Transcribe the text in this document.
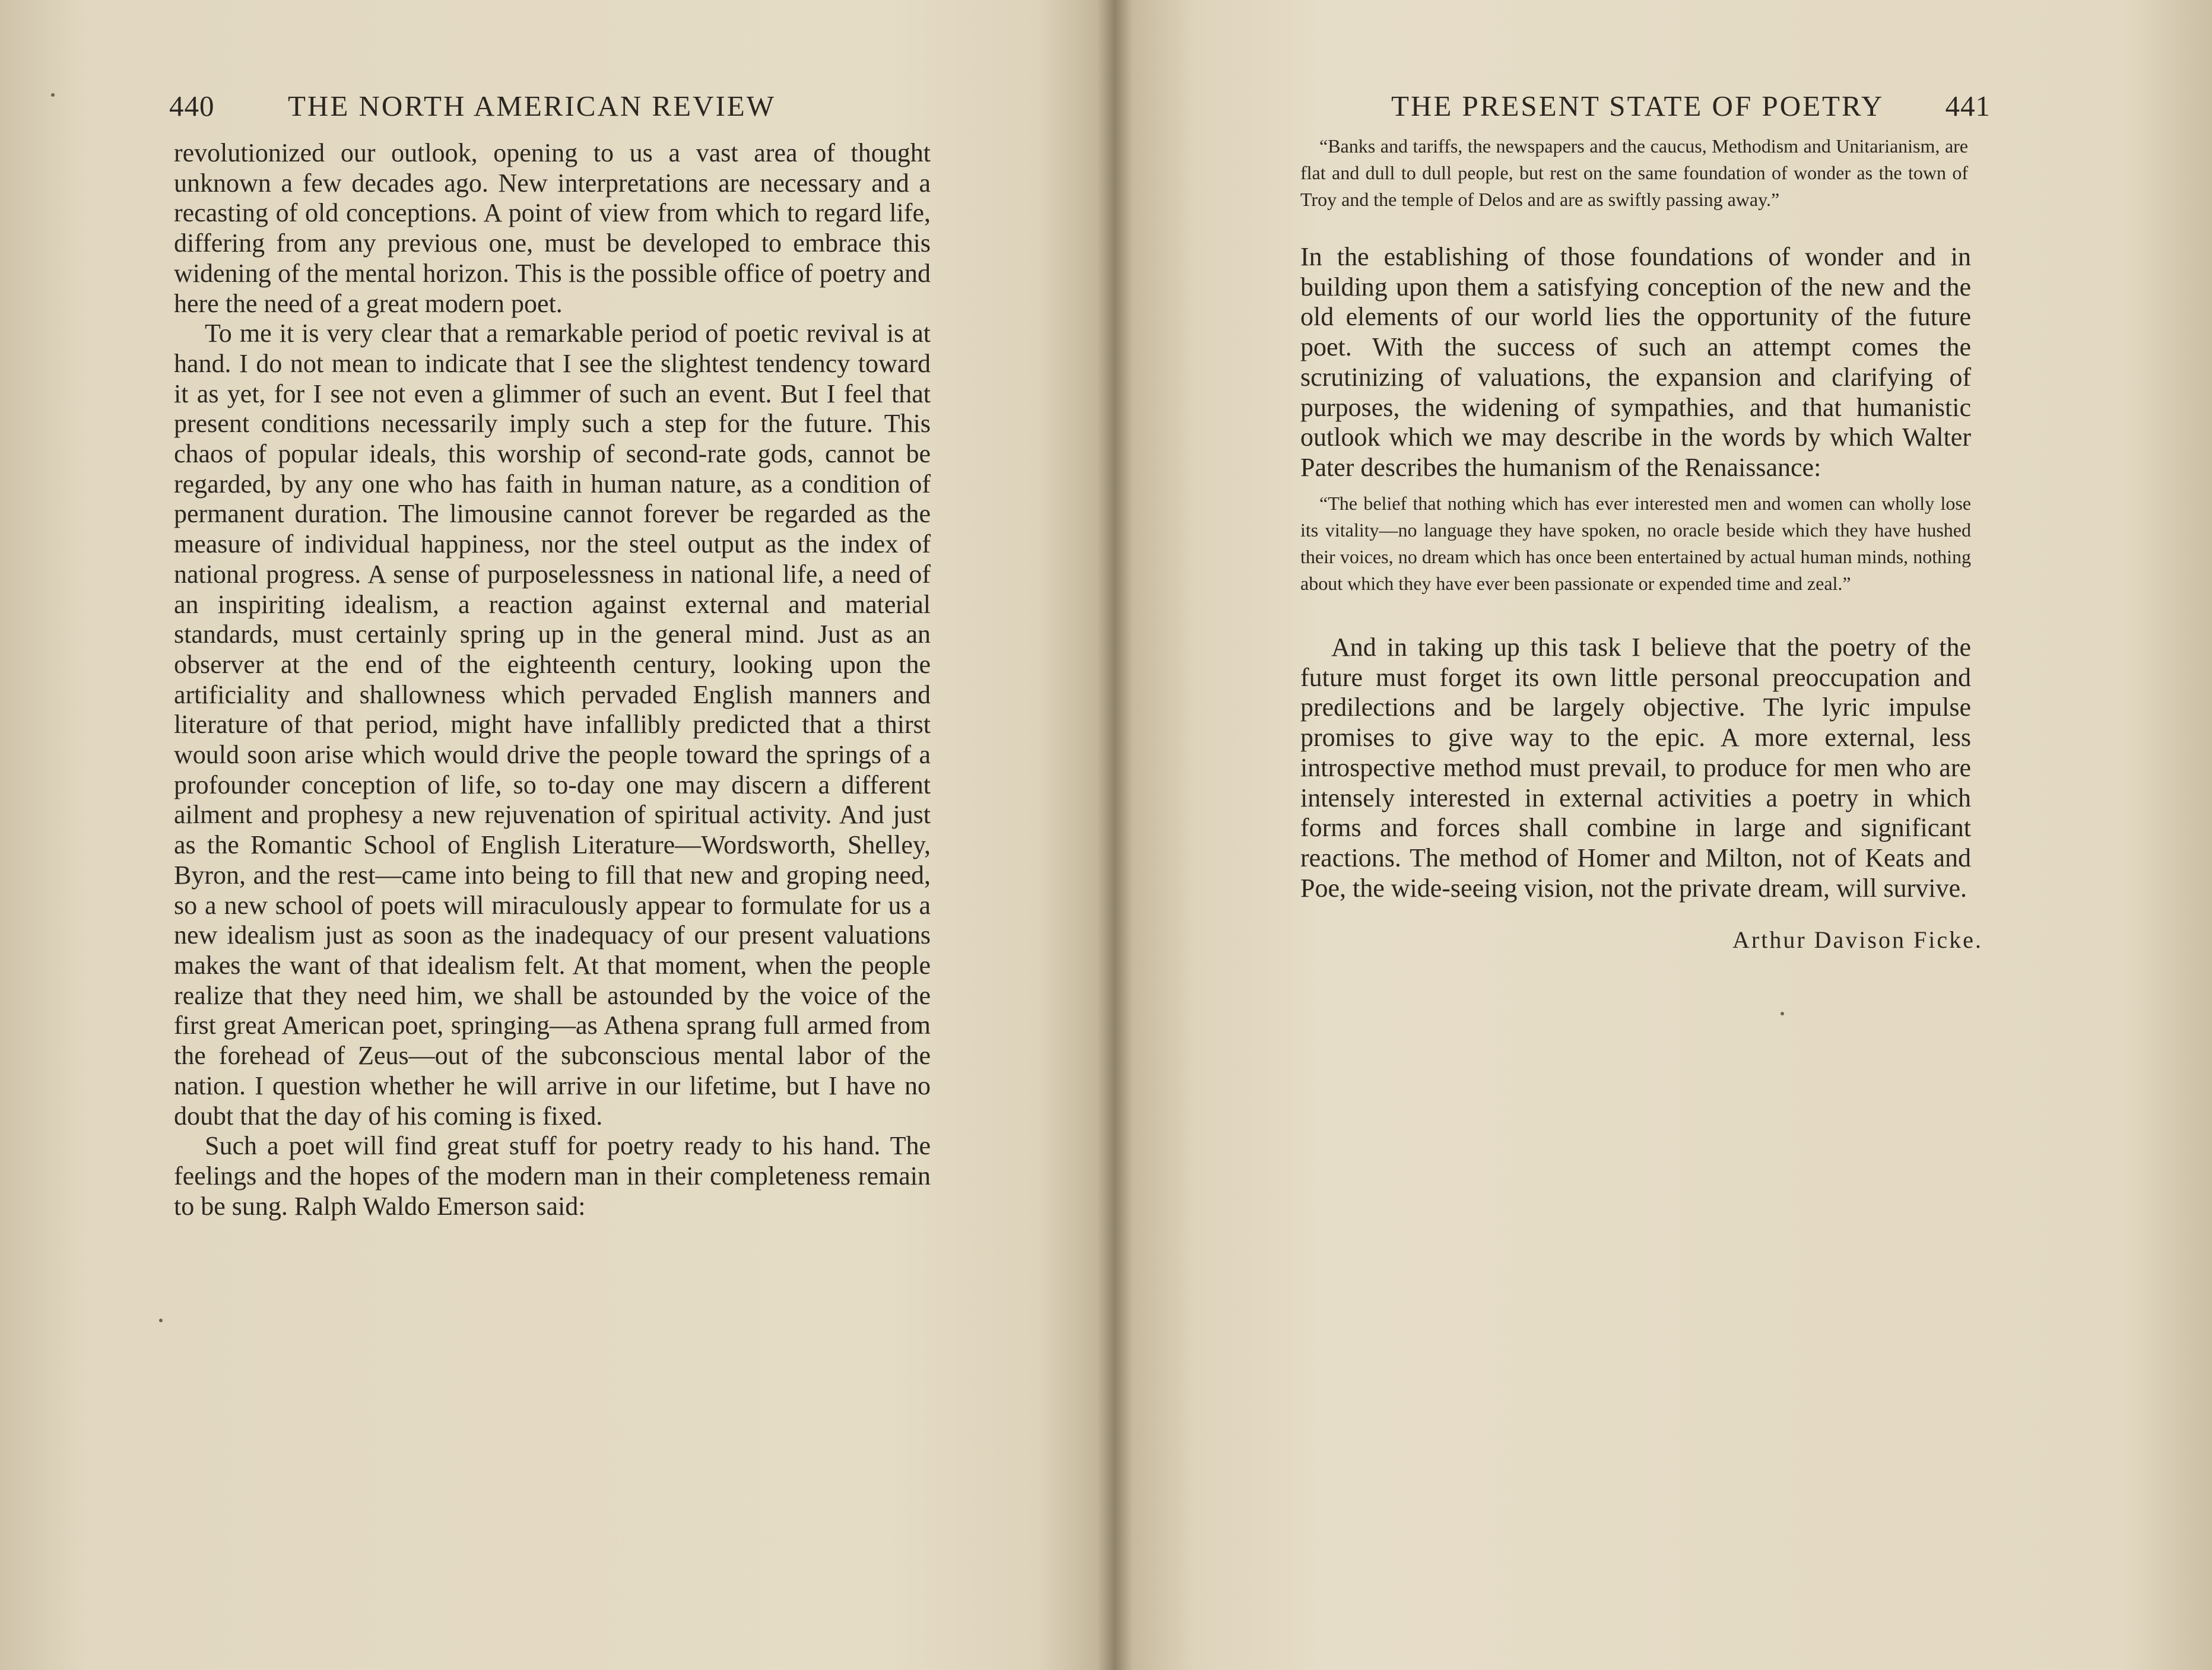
440	THE NORTH AMERICAN REVIEW

revolutionized our outlook, opening to us a vast area of thought unknown a few decades ago. New interpretations are necessary and a recasting of old conceptions. A point of view from which to regard life, differing from any previous one, must be developed to embrace this widening of the mental horizon. This is the possible office of poetry and here the need of a great modern poet.

To me it is very clear that a remarkable period of poetic revival is at hand. I do not mean to indicate that I see the slightest tendency toward it as yet, for I see not even a glimmer of such an event. But I feel that present conditions necessarily imply such a step for the future. This chaos of popular ideals, this worship of second-rate gods, cannot be regarded, by any one who has faith in human nature, as a condition of permanent duration. The limousine cannot forever be regarded as the measure of individual happiness, nor the steel output as the index of national progress. A sense of purposelessness in national life, a need of an inspiriting idealism, a reaction against external and material standards, must certainly spring up in the general mind. Just as an observer at the end of the eighteenth century, looking upon the artificiality and shallowness which pervaded English manners and literature of that period, might have infallibly predicted that a thirst would soon arise which would drive the people toward the springs of a profounder conception of life, so to-day one may discern a different ailment and prophesy a new rejuvenation of spiritual activity. And just as the Romantic School of English Literature—Wordsworth, Shelley, Byron, and the rest—came into being to fill that new and groping need, so a new school of poets will miraculously appear to formulate for us a new idealism just as soon as the inadequacy of our present valuations makes the want of that idealism felt. At that moment, when the people realize that they need him, we shall be astounded by the voice of the first great American poet, springing—as Athena sprang full armed from the forehead of Zeus—out of the subconscious mental labor of the nation. I question whether he will arrive in our lifetime, but I have no doubt that the day of his coming is fixed.

Such a poet will find great stuff for poetry ready to his hand. The feelings and the hopes of the modern man in their completeness remain to be sung. Ralph Waldo Emerson said:

THE PRESENT STATE OF POETRY 441
“Banks and tariffs, the newspapers and the caucus, Methodism and Unitarianism, are flat and dull to dull people, but rest on the same foundation of wonder as the town of Troy and the temple of Delos and are as swiftly passing away.”

In the establishing of those foundations of wonder and in building upon them a satisfying conception of the new and the old elements of our world lies the opportunity of the future poet. With the success of such an attempt comes the scrutinizing of valuations, the expansion and clarifying of purposes, the widening of sympathies, and that humanistic outlook which we may describe in the words by which Walter Pater describes the humanism of the Renaissance:

“The belief that nothing which has ever interested men and women can wholly lose its vitality—no language they have spoken, no oracle beside which they have hushed their voices, no dream which has once been entertained by actual human minds, nothing about which they have ever been passionate or expended time and zeal.”

And in taking up this task I believe that the poetry of the future must forget its own little personal preoccupation and predilections and be largely objective. The lyric impulse promises to give way to the epic. A more external, less introspective method must prevail, to produce for men who are intensely interested in external activities a poetry in which forms and forces shall combine in large and significant reactions. The method of Homer and Milton, not of Keats and Poe, the wide-seeing vision, not the private dream, will survive.

Arthur Davison Ficke.
